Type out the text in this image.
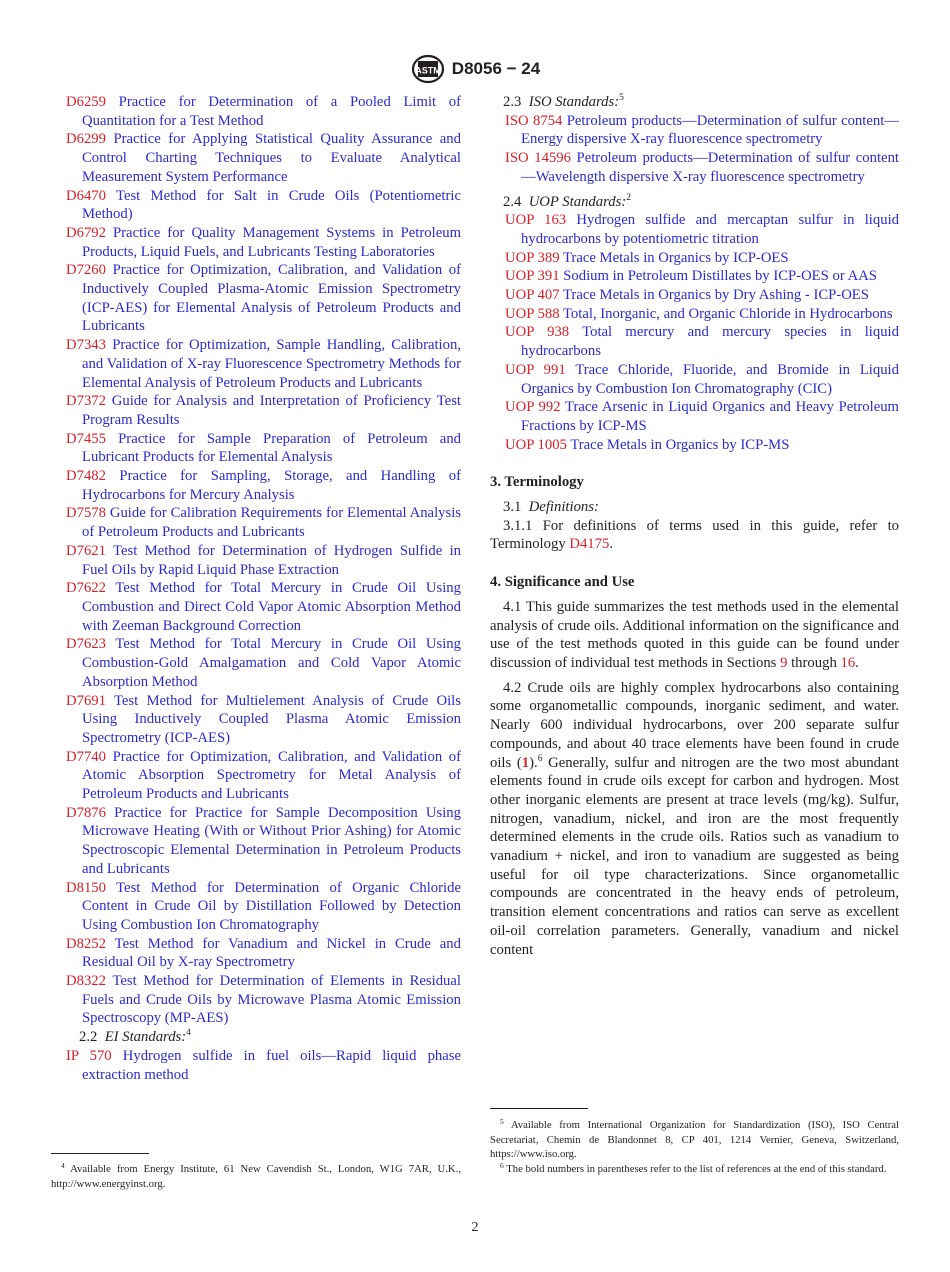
ASTM D8056 − 24

D6259 Practice for Determination of a Pooled Limit of Quantitation for a Test Method

D6299 Practice for Applying Statistical Quality Assurance and Control Charting Techniques to Evaluate Analytical Measurement System Performance

D6470 Test Method for Salt in Crude Oils (Potentiometric Method)

D6792 Practice for Quality Management Systems in Petroleum Products, Liquid Fuels, and Lubricants Testing Laboratories

D7260 Practice for Optimization, Calibration, and Validation of Inductively Coupled Plasma-Atomic Emission Spectrometry (ICP-AES) for Elemental Analysis of Petroleum Products and Lubricants

D7343 Practice for Optimization, Sample Handling, Calibration, and Validation of X-ray Fluorescence Spectrometry Methods for Elemental Analysis of Petroleum Products and Lubricants

D7372 Guide for Analysis and Interpretation of Proficiency Test Program Results

D7455 Practice for Sample Preparation of Petroleum and Lubricant Products for Elemental Analysis

D7482 Practice for Sampling, Storage, and Handling of Hydrocarbons for Mercury Analysis

D7578 Guide for Calibration Requirements for Elemental Analysis of Petroleum Products and Lubricants

D7621 Test Method for Determination of Hydrogen Sulfide in Fuel Oils by Rapid Liquid Phase Extraction

D7622 Test Method for Total Mercury in Crude Oil Using Combustion and Direct Cold Vapor Atomic Absorption Method with Zeeman Background Correction

D7623 Test Method for Total Mercury in Crude Oil Using Combustion-Gold Amalgamation and Cold Vapor Atomic Absorption Method

D7691 Test Method for Multielement Analysis of Crude Oils Using Inductively Coupled Plasma Atomic Emission Spectrometry (ICP-AES)

D7740 Practice for Optimization, Calibration, and Validation of Atomic Absorption Spectrometry for Metal Analysis of Petroleum Products and Lubricants

D7876 Practice for Practice for Sample Decomposition Using Microwave Heating (With or Without Prior Ashing) for Atomic Spectroscopic Elemental Determination in Petroleum Products and Lubricants

D8150 Test Method for Determination of Organic Chloride Content in Crude Oil by Distillation Followed by Detection Using Combustion Ion Chromatography

D8252 Test Method for Vanadium and Nickel in Crude and Residual Oil by X-ray Spectrometry

D8322 Test Method for Determination of Elements in Residual Fuels and Crude Oils by Microwave Plasma Atomic Emission Spectroscopy (MP-AES)

2.2 EI Standards:$^4$

IP 570 Hydrogen sulfide in fuel oils—Rapid liquid phase extraction method

$^4$ Available from Energy Institute, 61 New Cavendish St., London, W1G 7AR, U.K., http://www.energyinst.org.

2.3 ISO Standards:$^5$

ISO 8754 Petroleum products—Determination of sulfur content—Energy dispersive X-ray fluorescence spectrometry

ISO 14596 Petroleum products—Determination of sulfur content—Wavelength dispersive X-ray fluorescence spectrometry

2.4 UOP Standards:$^2$

UOP 163 Hydrogen sulfide and mercaptan sulfur in liquid hydrocarbons by potentiometric titration

UOP 389 Trace Metals in Organics by ICP-OES

UOP 391 Sodium in Petroleum Distillates by ICP-OES or AAS

UOP 407 Trace Metals in Organics by Dry Ashing - ICP-OES

UOP 588 Total, Inorganic, and Organic Chloride in Hydrocarbons

UOP 938 Total mercury and mercury species in liquid hydrocarbons

UOP 991 Trace Chloride, Fluoride, and Bromide in Liquid Organics by Combustion Ion Chromatography (CIC)

UOP 992 Trace Arsenic in Liquid Organics and Heavy Petroleum Fractions by ICP-MS

UOP 1005 Trace Metals in Organics by ICP-MS

3. Terminology

3.1 Definitions:

3.1.1 For definitions of terms used in this guide, refer to Terminology D4175.

4. Significance and Use

4.1 This guide summarizes the test methods used in the elemental analysis of crude oils. Additional information on the significance and use of the test methods quoted in this guide can be found under discussion of individual test methods in Sections 9 through 16.

4.2 Crude oils are highly complex hydrocarbons also containing some organometallic compounds, inorganic sediment, and water. Nearly 600 individual hydrocarbons, over 200 separate sulfur compounds, and about 40 trace elements have been found in crude oils (1).$^6$ Generally, sulfur and nitrogen are the two most abundant elements found in crude oils except for carbon and hydrogen. Most other inorganic elements are present at trace levels (mg/kg). Sulfur, nitrogen, vanadium, nickel, and iron are the most frequently determined elements in the crude oils. Ratios such as vanadium to vanadium + nickel, and iron to vanadium are suggested as being useful for oil type characterizations. Since organometallic compounds are concentrated in the heavy ends of petroleum, transition element concentrations and ratios can serve as excellent oil-oil correlation parameters. Generally, vanadium and nickel content

$^5$ Available from International Organization for Standardization (ISO), ISO Central Secretariat, Chemin de Blandonnet 8, CP 401, 1214 Vernier, Geneva, Switzerland, https://www.iso.org.

$^6$ The bold numbers in parentheses refer to the list of references at the end of this standard.

2
